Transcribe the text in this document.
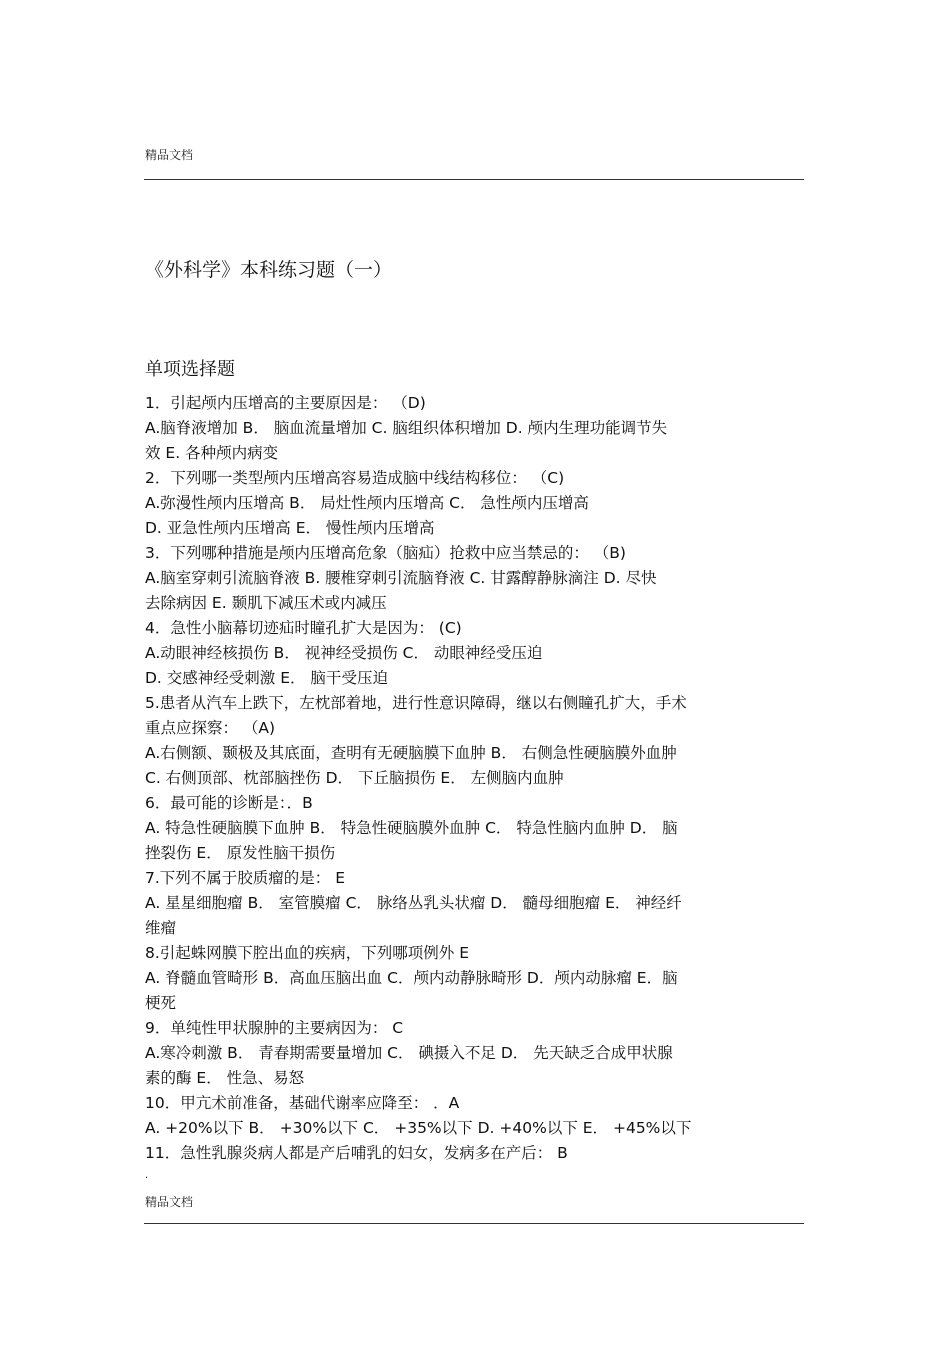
精品文档
《外科学》本科练习题（一）
单项选择题
1．引起颅内压增高的主要原因是： （D)
A.脑脊液增加 B． 脑血流量增加 C. 脑组织体积增加 D. 颅内生理功能调节失
效 E. 各种颅内病变
2．下列哪一类型颅内压增高容易造成脑中线结构移位： （C)
A.弥漫性颅内压增高 B． 局灶性颅内压增高 C． 急性颅内压增高
D. 亚急性颅内压增高 E． 慢性颅内压增高
3．下列哪种措施是颅内压增高危象（脑疝）抢救中应当禁忌的： （B)
A.脑室穿刺引流脑脊液 B. 腰椎穿刺引流脑脊液 C. 甘露醇静脉滴注 D. 尽快
去除病因 E. 颞肌下减压术或内减压
4．急性小脑幕切迹疝时瞳孔扩大是因为： (C)
A.动眼神经核损伤 B． 视神经受损伤 C． 动眼神经受压迫
D. 交感神经受刺激 E． 脑干受压迫
5.患者从汽车上跌下，左枕部着地，进行性意识障碍，继以右侧瞳孔扩大，手术
重点应探察： （A)
A.右侧额、颞极及其底面，查明有无硬脑膜下血肿 B． 右侧急性硬脑膜外血肿
C. 右侧顶部、枕部脑挫伤 D． 下丘脑损伤 E． 左侧脑内血肿
6．最可能的诊断是：．B
A. 特急性硬脑膜下血肿 B． 特急性硬脑膜外血肿 C． 特急性脑内血肿 D． 脑
挫裂伤 E． 原发性脑干损伤
7.下列不属于胶质瘤的是： E
A. 星星细胞瘤 B． 室管膜瘤 C． 脉络丛乳头状瘤 D． 髓母细胞瘤 E． 神经纤
维瘤
8.引起蛛网膜下腔出血的疾病，下列哪项例外 E
A. 脊髓血管畸形 B．高血压脑出血 C．颅内动静脉畸形 D．颅内动脉瘤 E．脑
梗死
9．单纯性甲状腺肿的主要病因为： C
A.寒冷刺激 B． 青春期需要量增加 C． 碘摄入不足 D． 先天缺乏合成甲状腺
素的酶 E． 性急、易怒
10．甲亢术前准备，基础代谢率应降至： ．A
A. +20%以下 B． +30%以下 C． +35%以下 D. +40%以下 E． +45%以下
11．急性乳腺炎病人都是产后哺乳的妇女，发病多在产后： B
.
精品文档
